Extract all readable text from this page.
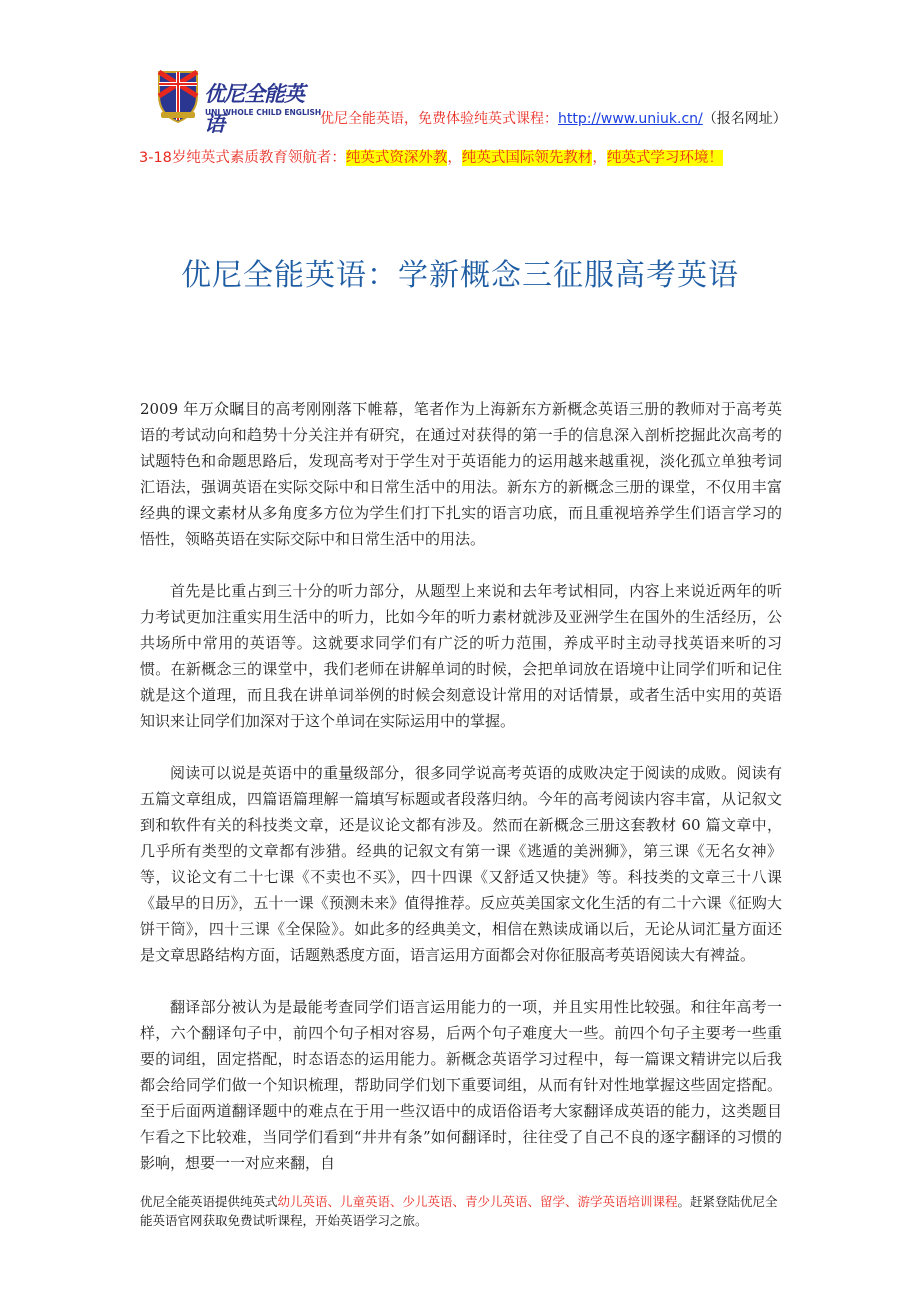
优尼全能英语
UNI WHOLE CHILD ENGLISH
优尼全能英语，免费体验纯英式课程：http://www.uniuk.cn/（报名网址）
3-18岁纯英式素质教育领航者：纯英式资深外教，纯英式国际领先教材，纯英式学习环境！
优尼全能英语：学新概念三征服高考英语

2009 年万众瞩目的高考刚刚落下帷幕，笔者作为上海新东方新概念英语三册的教师对于高考英语的考试动向和趋势十分关注并有研究，在通过对获得的第一手的信息深入剖析挖掘此次高考的试题特色和命题思路后，发现高考对于学生对于英语能力的运用越来越重视，淡化孤立单独考词汇语法，强调英语在实际交际中和日常生活中的用法。新东方的新概念三册的课堂，不仅用丰富经典的课文素材从多角度多方位为学生们打下扎实的语言功底，而且重视培养学生们语言学习的悟性，领略英语在实际交际中和日常生活中的用法。

首先是比重占到三十分的听力部分，从题型上来说和去年考试相同，内容上来说近两年的听力考试更加注重实用生活中的听力，比如今年的听力素材就涉及亚洲学生在国外的生活经历，公共场所中常用的英语等。这就要求同学们有广泛的听力范围，养成平时主动寻找英语来听的习惯。在新概念三的课堂中，我们老师在讲解单词的时候，会把单词放在语境中让同学们听和记住就是这个道理，而且我在讲单词举例的时候会刻意设计常用的对话情景，或者生活中实用的英语知识来让同学们加深对于这个单词在实际运用中的掌握。

阅读可以说是英语中的重量级部分，很多同学说高考英语的成败决定于阅读的成败。阅读有五篇文章组成，四篇语篇理解一篇填写标题或者段落归纳。今年的高考阅读内容丰富，从记叙文到和软件有关的科技类文章，还是议论文都有涉及。然而在新概念三册这套教材 60 篇文章中，几乎所有类型的文章都有涉猎。经典的记叙文有第一课《逃遁的美洲狮》，第三课《无名女神》等，议论文有二十七课《不卖也不买》，四十四课《又舒适又快捷》等。科技类的文章三十八课《最早的日历》，五十一课《预测未来》值得推荐。反应英美国家文化生活的有二十六课《征购大饼干筒》，四十三课《全保险》。如此多的经典美文，相信在熟读成诵以后，无论从词汇量方面还是文章思路结构方面，话题熟悉度方面，语言运用方面都会对你征服高考英语阅读大有裨益。

翻译部分被认为是最能考查同学们语言运用能力的一项，并且实用性比较强。和往年高考一样，六个翻译句子中，前四个句子相对容易，后两个句子难度大一些。前四个句子主要考一些重要的词组，固定搭配，时态语态的运用能力。新概念英语学习过程中，每一篇课文精讲完以后我都会给同学们做一个知识梳理，帮助同学们划下重要词组，从而有针对性地掌握这些固定搭配。至于后面两道翻译题中的难点在于用一些汉语中的成语俗语考大家翻译成英语的能力，这类题目乍看之下比较难，当同学们看到“井井有条”如何翻译时，往往受了自己不良的逐字翻译的习惯的影响，想要一一对应来翻，自

优尼全能英语提供纯英式幼儿英语、儿童英语、少儿英语、青少儿英语、留学、游学英语培训课程。赶紧登陆优尼全能英语官网获取免费试听课程，开始英语学习之旅。
